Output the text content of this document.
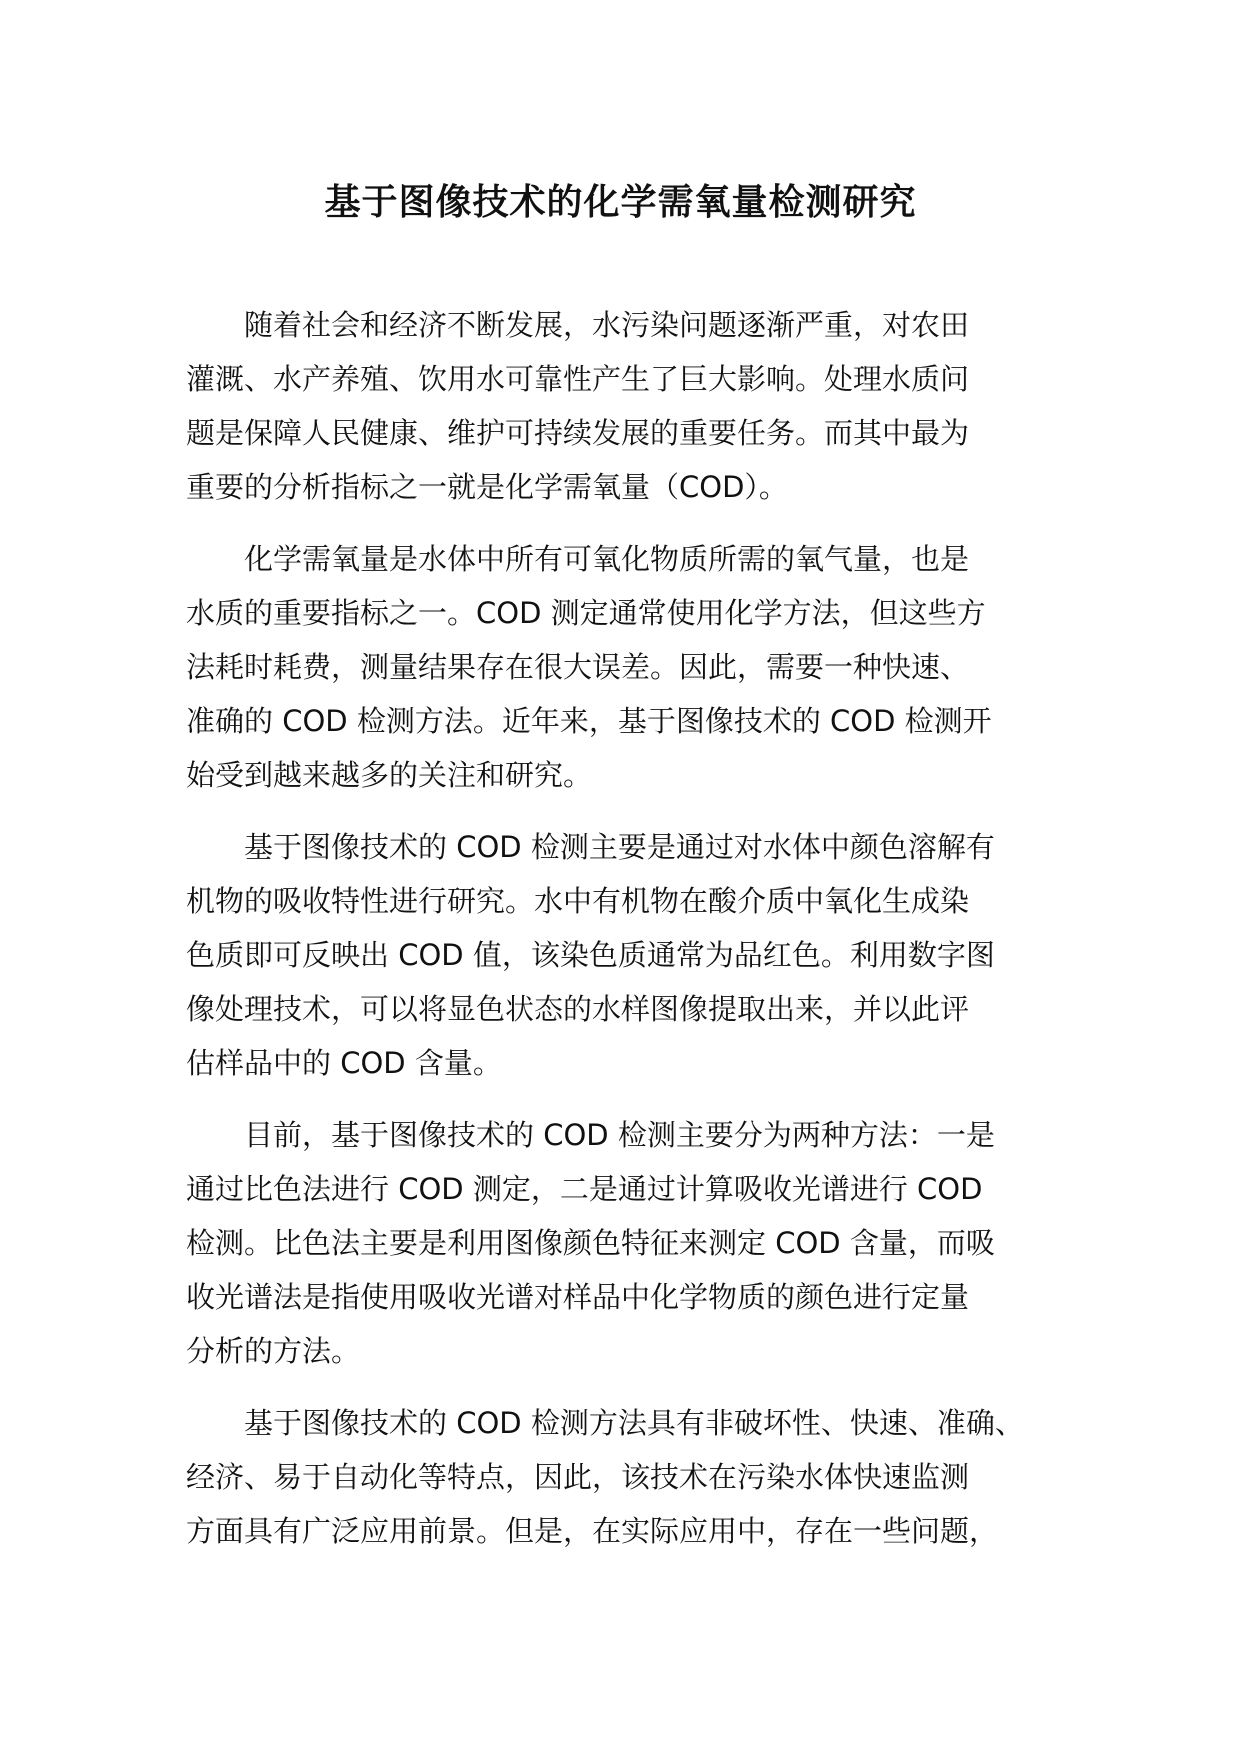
基于图像技术的化学需氧量检测研究

随着社会和经济不断发展，水污染问题逐渐严重，对农田
灌溉、水产养殖、饮用水可靠性产生了巨大影响。处理水质问
题是保障人民健康、维护可持续发展的重要任务。而其中最为
重要的分析指标之一就是化学需氧量（COD）。

化学需氧量是水体中所有可氧化物质所需的氧气量，也是
水质的重要指标之一。COD 测定通常使用化学方法，但这些方
法耗时耗费，测量结果存在很大误差。因此，需要一种快速、
准确的 COD 检测方法。近年来，基于图像技术的 COD 检测开
始受到越来越多的关注和研究。

基于图像技术的 COD 检测主要是通过对水体中颜色溶解有
机物的吸收特性进行研究。水中有机物在酸介质中氧化生成染
色质即可反映出 COD 值，该染色质通常为品红色。利用数字图
像处理技术，可以将显色状态的水样图像提取出来，并以此评
估样品中的 COD 含量。

目前，基于图像技术的 COD 检测主要分为两种方法：一是
通过比色法进行 COD 测定，二是通过计算吸收光谱进行 COD
检测。比色法主要是利用图像颜色特征来测定 COD 含量，而吸
收光谱法是指使用吸收光谱对样品中化学物质的颜色进行定量
分析的方法。

基于图像技术的 COD 检测方法具有非破坏性、快速、准确、
经济、易于自动化等特点，因此，该技术在污染水体快速监测
方面具有广泛应用前景。但是，在实际应用中，存在一些问题，
